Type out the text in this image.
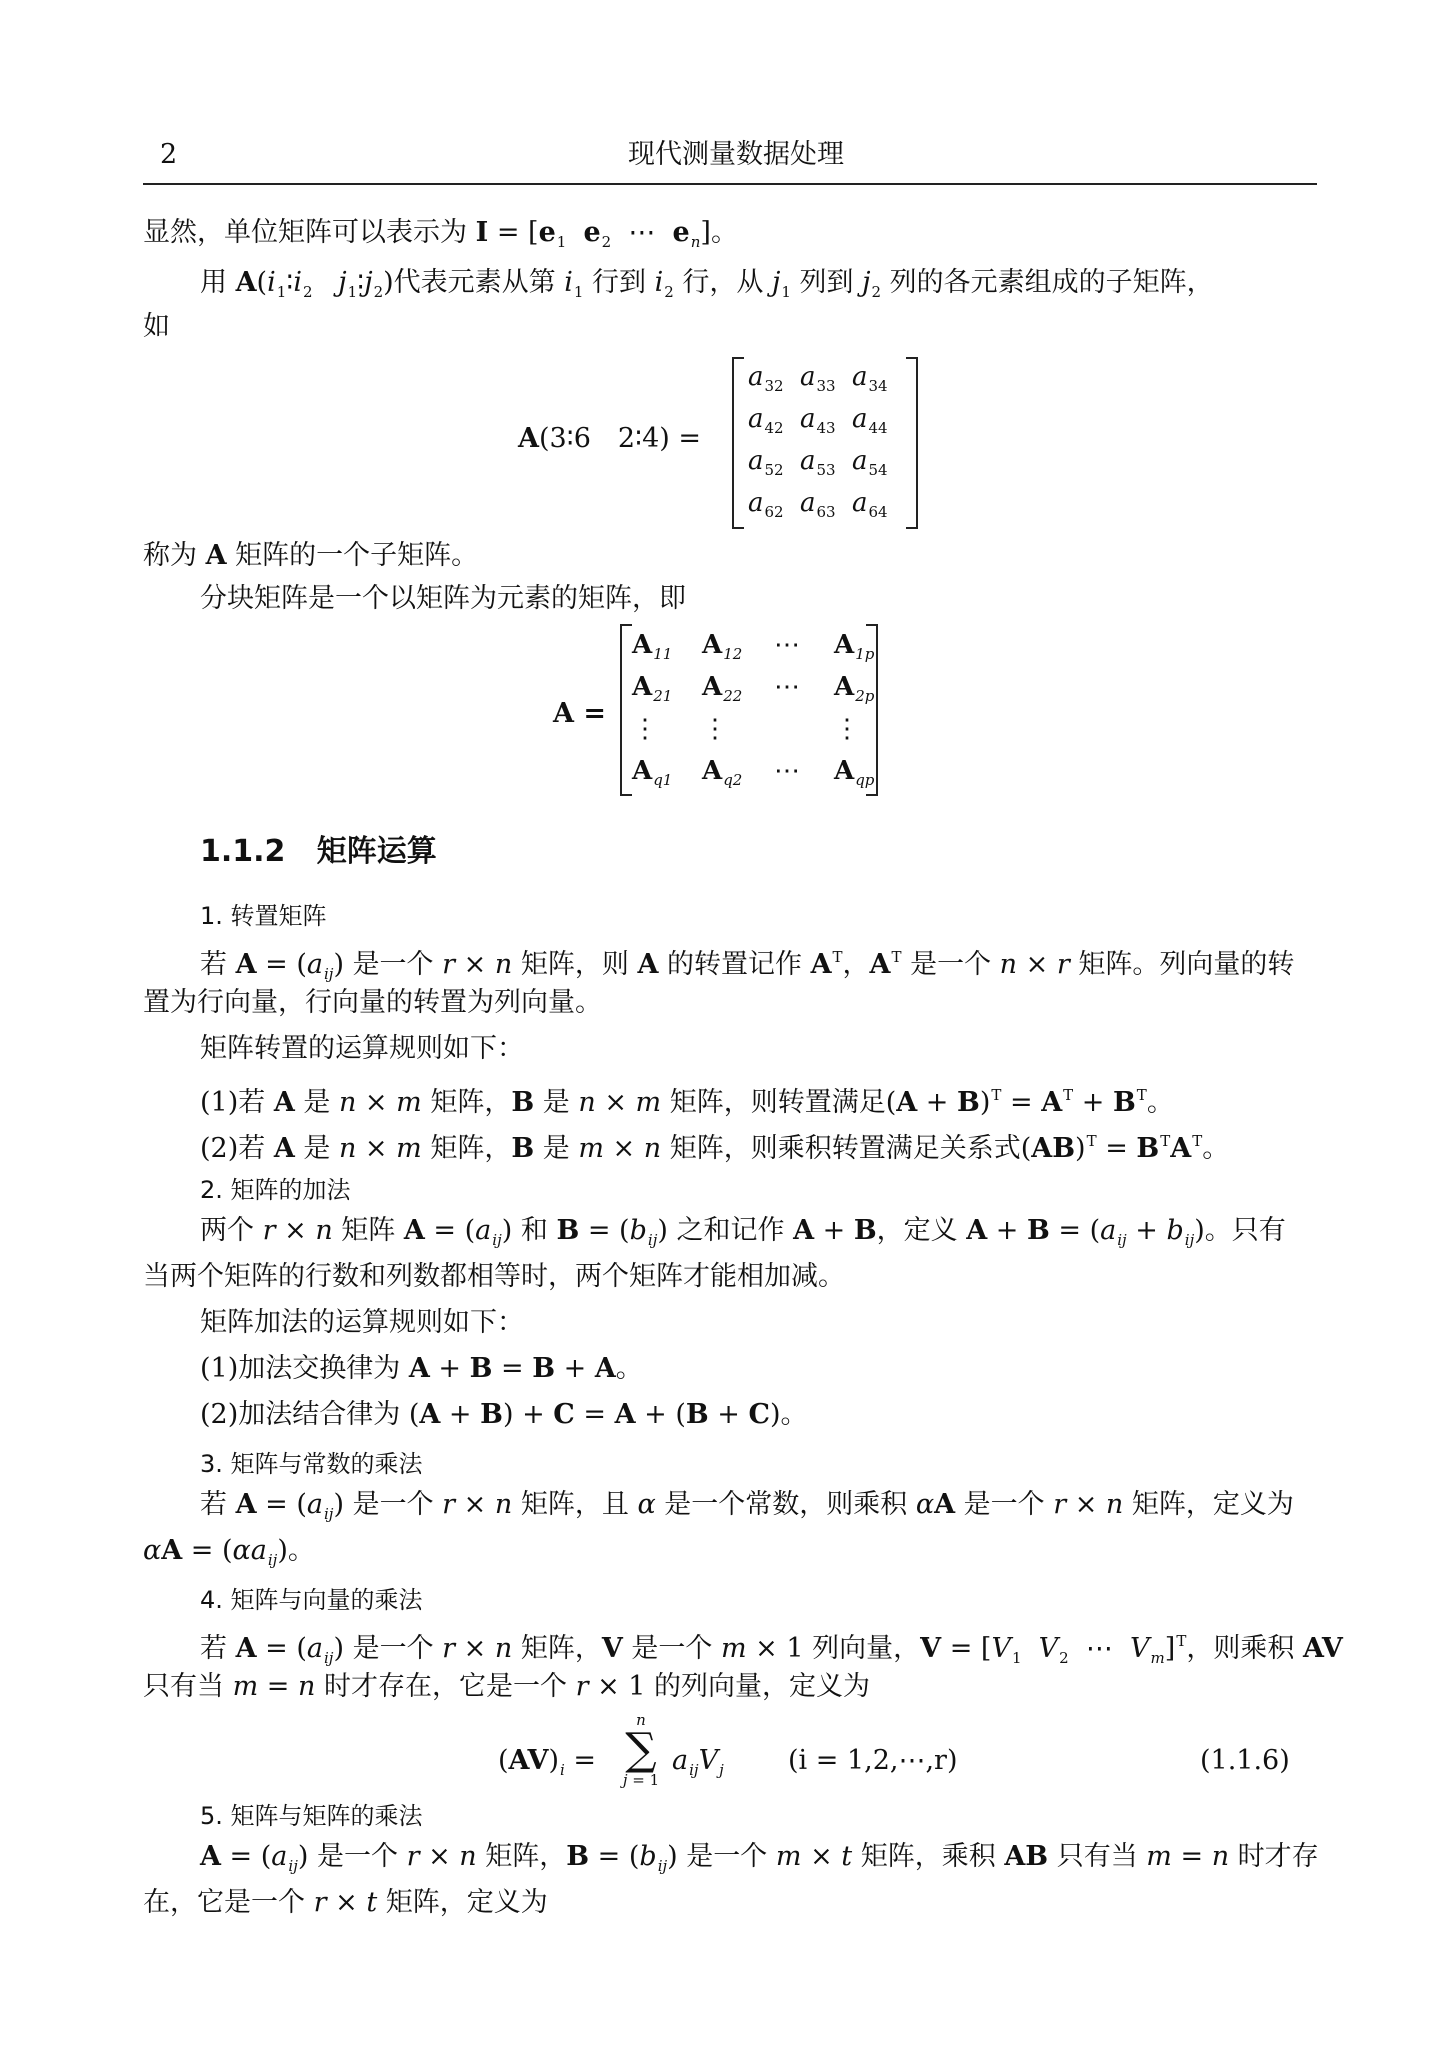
2	现代测量数据处理
显然，单位矩阵可以表示为 $I = [e_1$ $e_2$ ⋯ $e_n$]。
用 $A(i_1∶i_2$ $j_1∶j_2$)代表元素从第 $i_1$ 行到 $i_2$ 行，从 $j_1$ 列到 $j_2$ 列的各元素组成的子矩阵，
如
A(3∶6　2∶4) =
$a_{32}$ $a_{33}$ $a_{34}$
$a_{42}$ $a_{43}$ $a_{44}$
$a_{52}$ $a_{53}$ $a_{54}$
$a_{62}$ $a_{63}$ $a_{64}$
称为 A 矩阵的一个子矩阵。
分块矩阵是一个以矩阵为元素的矩阵，即
A =
$A_{11}$ $A_{12}$ ⋯ $A_{1p}$
$A_{21}$ $A_{22}$ ⋯ $A_{2p}$
⋮ ⋮	⋮
$A_{q1}$ $A_{q2}$ ⋯ $A_{qp}$
1.1.2 矩阵运算
1. 转置矩阵
若 $A = (a_{ij})$ 是一个 r × n 矩阵，则 A 的转置记作 $A^T$，$A^T$ 是一个 n × r 矩阵。列向量的转
置为行向量，行向量的转置为列向量。
矩阵转置的运算规则如下：
(1)若 A 是 n × m 矩阵，B 是 n × m 矩阵，则转置满足$(A + B)^T = A^T + B^T$。
(2)若 A 是 n × m 矩阵，B 是 m × n 矩阵，则乘积转置满足关系式$(AB)^T = B^TA^T$。
2. 矩阵的加法
两个 r × n 矩阵 $A = (a_{ij})$ 和 $B = (b_{ij})$ 之和记作 A + B，定义 $A + B = (a_{ij} + b_{ij})$。只有
当两个矩阵的行数和列数都相等时，两个矩阵才能相加减。
矩阵加法的运算规则如下：
(1)加法交换律为 A + B = B + A。
(2)加法结合律为 (A + B) + C = A + (B + C)。
3. 矩阵与常数的乘法
若 $A = (a_{ij})$ 是一个 r × n 矩阵，且 α 是一个常数，则乘积 αA 是一个 r × n 矩阵，定义为
$\alpha A = (\alpha a_{ij})$。
4. 矩阵与向量的乘法
若 $A = (a_{ij})$ 是一个 r × n 矩阵，V 是一个 m × 1 列向量，$V = [V_1$ $V_2$  ⋯  $V_m]^T$，则乘积 AV
只有当 m = n 时才存在，它是一个 r × 1 的列向量，定义为
$(AV)_i$ =
n
∑
j = 1
$a_{ij}V_j$ (i = 1,2,⋯,r)	(1.1.6)
5. 矩阵与矩阵的乘法
$A = (a_{ij})$ 是一个 r × n 矩阵，$B = (b_{ij})$ 是一个 m × t 矩阵，乘积 AB 只有当 m = n 时才存
在，它是一个 r × t 矩阵，定义为
